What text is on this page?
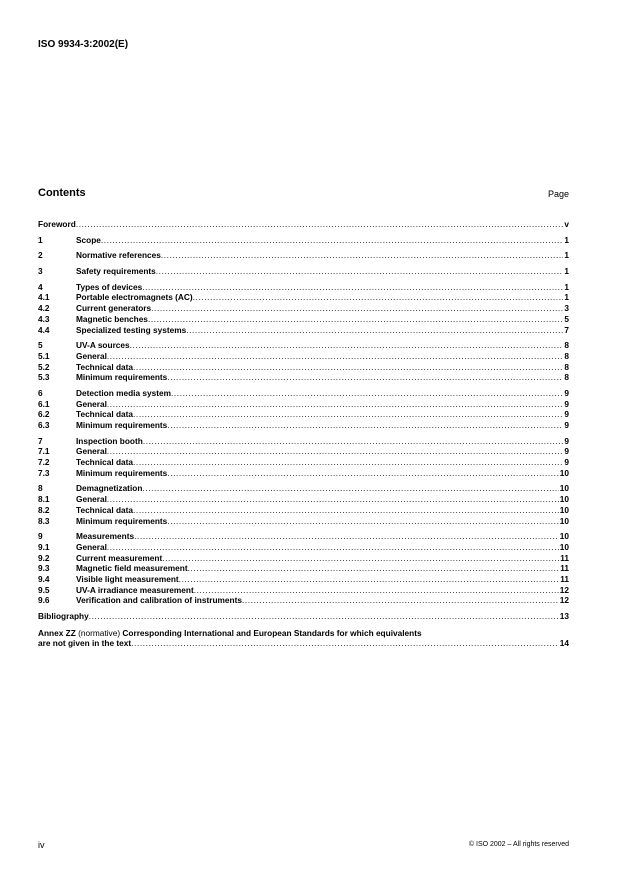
ISO 9934-3:2002(E)
Contents	Page
Foreword .....	v
1	Scope .....	1
2	Normative references .....	1
3	Safety requirements .....	1
4	Types of devices .....	1
4.1	Portable electromagnets (AC) .....	1
4.2	Current generators .....	3
4.3	Magnetic benches .....	5
4.4	Specialized testing systems .....	7
5	UV-A sources .....	8
5.1	General .....	8
5.2	Technical data .....	8
5.3	Minimum requirements .....	8
6	Detection media system .....	9
6.1	General .....	9
6.2	Technical data .....	9
6.3	Minimum requirements .....	9
7	Inspection booth .....	9
7.1	General .....	9
7.2	Technical data .....	9
7.3	Minimum requirements .....	10
8	Demagnetization .....	10
8.1	General .....	10
8.2	Technical data .....	10
8.3	Minimum requirements .....	10
9	Measurements .....	10
9.1	General .....	10
9.2	Current measurement .....	11
9.3	Magnetic field measurement .....	11
9.4	Visible light measurement .....	11
9.5	UV-A irradiance measurement .....	12
9.6	Verification and calibration of instruments .....	12
Bibliography .....	13
Annex ZZ (normative) Corresponding International and European Standards for which equivalents
are not given in the text .....	14
iv	© ISO 2002 – All rights reserved
